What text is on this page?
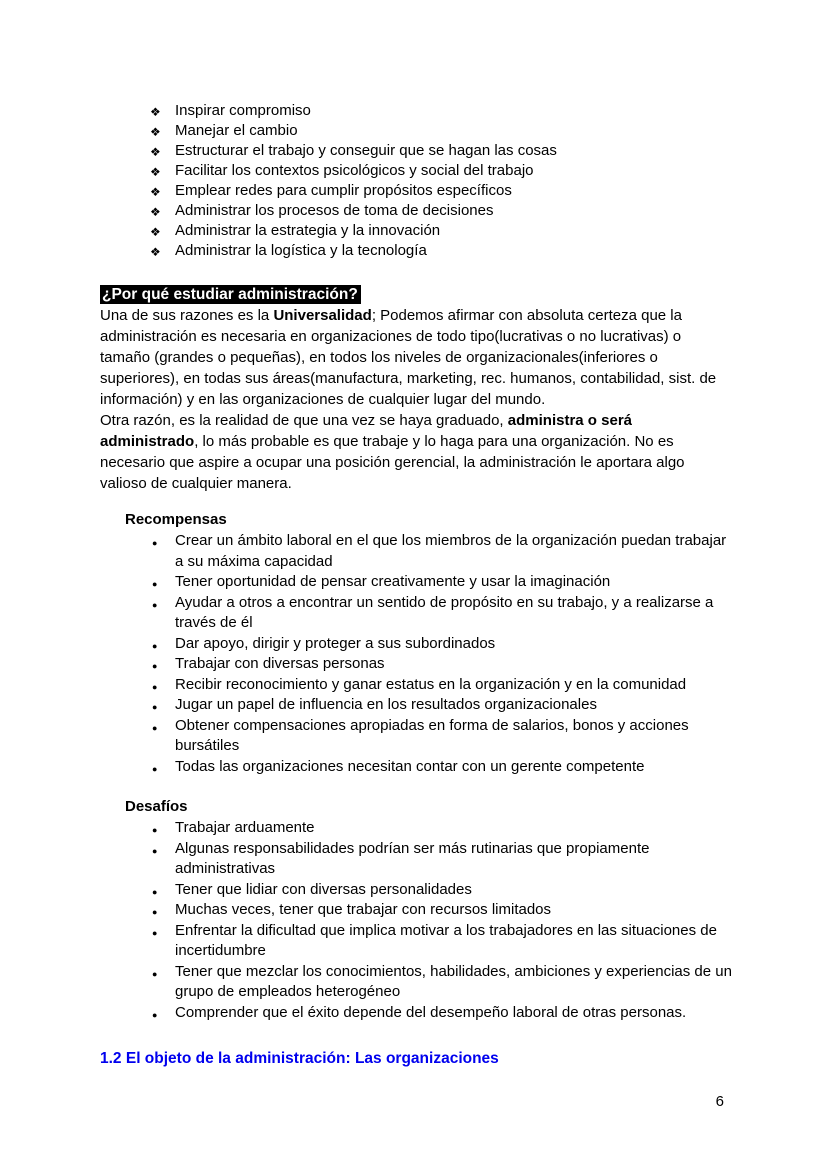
❖ Inspirar compromiso
❖ Manejar el cambio
❖ Estructurar el trabajo y conseguir que se hagan las cosas
❖ Facilitar los contextos psicológicos y social del trabajo
❖ Emplear redes para cumplir propósitos específicos
❖ Administrar los procesos de toma de decisiones
❖ Administrar la estrategia y la innovación
❖ Administrar la logística y la tecnología
¿Por qué estudiar administración?

Una de sus razones es la Universalidad; Podemos afirmar con absoluta certeza que la administración es necesaria en organizaciones de todo tipo(lucrativas o no lucrativas) o tamaño (grandes o pequeñas), en todos los niveles de organizacionales(inferiores o superiores), en todas sus áreas(manufactura, marketing, rec. humanos, contabilidad, sist. de información) y en las organizaciones de cualquier lugar del mundo.

Otra razón, es la realidad de que una vez se haya graduado, administra o será administrado, lo más probable es que trabaje y lo haga para una organización. No es necesario que aspire a ocupar una posición gerencial, la administración le aportara algo valioso de cualquier manera.

Recompensas
● Crear un ámbito laboral en el que los miembros de la organización puedan trabajar a su máxima capacidad
● Tener oportunidad de pensar creativamente y usar la imaginación
● Ayudar a otros a encontrar un sentido de propósito en su trabajo, y a realizarse a través de él
● Dar apoyo, dirigir y proteger a sus subordinados
● Trabajar con diversas personas
● Recibir reconocimiento y ganar estatus en la organización y en la comunidad
● Jugar un papel de influencia en los resultados organizacionales
● Obtener compensaciones apropiadas en forma de salarios, bonos y acciones bursátiles
● Todas las organizaciones necesitan contar con un gerente competente
Desafíos
● Trabajar arduamente
● Algunas responsabilidades podrían ser más rutinarias que propiamente administrativas
● Tener que lidiar con diversas personalidades
● Muchas veces, tener que trabajar con recursos limitados
● Enfrentar la dificultad que implica motivar a los trabajadores en las situaciones de incertidumbre
● Tener que mezclar los conocimientos, habilidades, ambiciones y experiencias de un grupo de empleados heterogéneo
● Comprender que el éxito depende del desempeño laboral de otras personas.
1.2 El objeto de la administración: Las organizaciones
6
